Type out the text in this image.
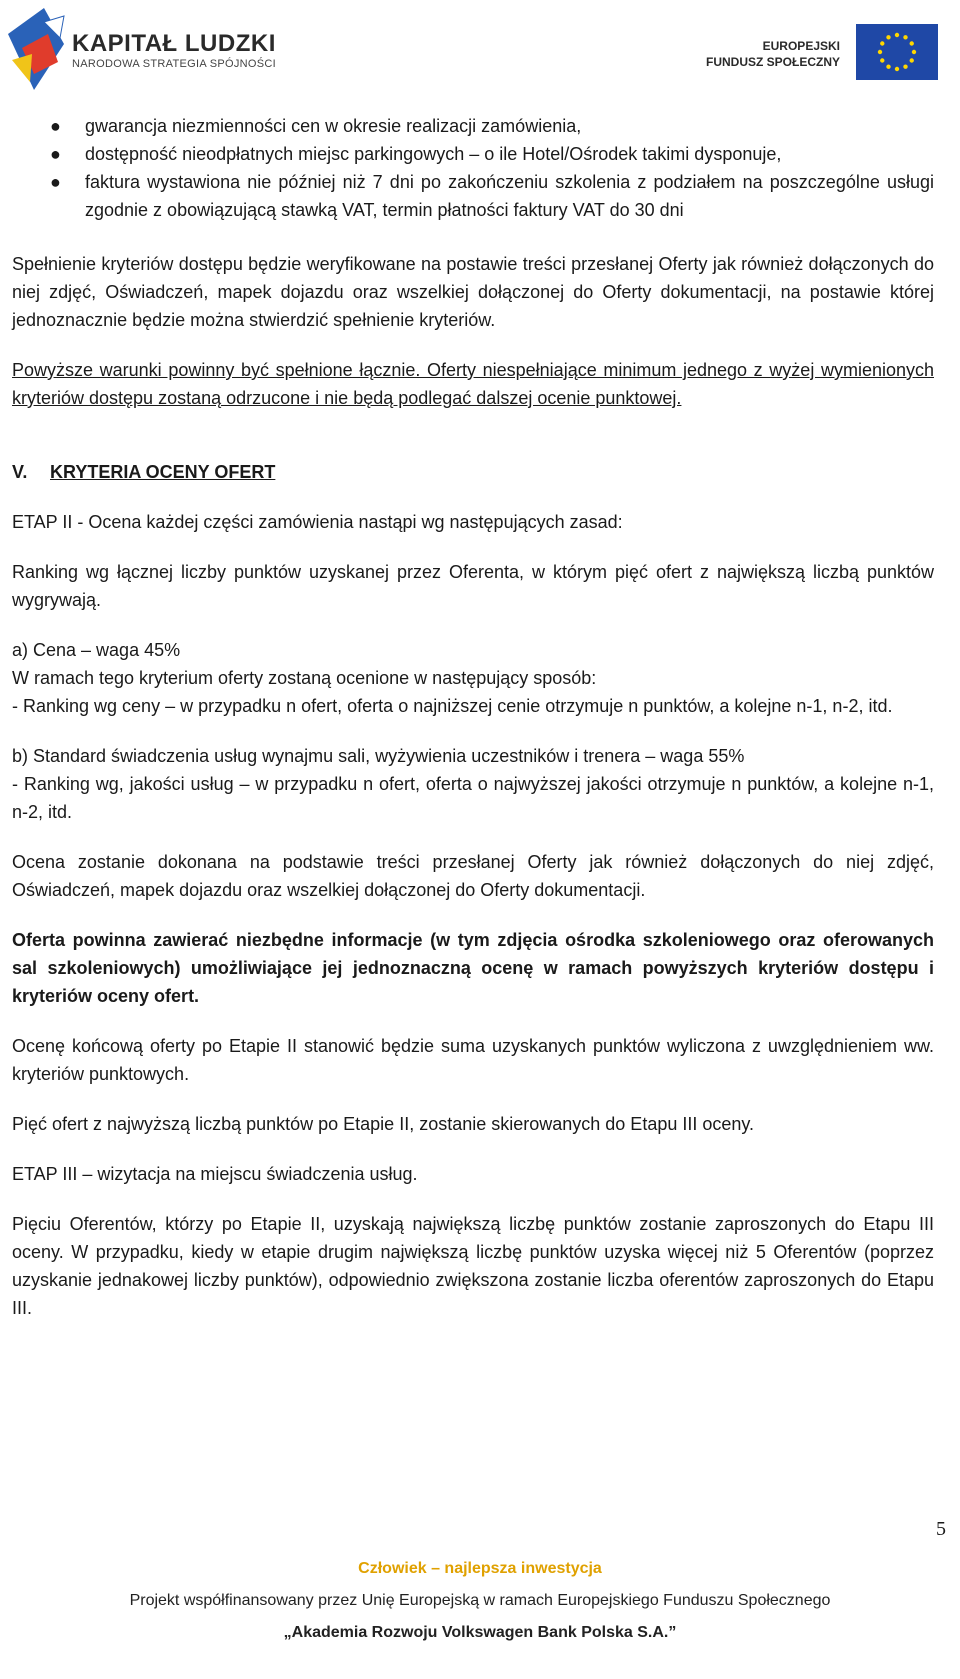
KAPITAŁ LUDZKI
NARODOWA STRATEGIA SPÓJNOŚCI
EUROPEJSKI
FUNDUSZ SPOŁECZNY
● gwarancja niezmienności cen w okresie realizacji zamówienia,
● dostępność nieodpłatnych miejsc parkingowych – o ile Hotel/Ośrodek takimi dysponuje,
● faktura wystawiona nie później niż 7 dni po zakończeniu szkolenia z podziałem na poszczególne usługi zgodnie z obowiązującą stawką VAT, termin płatności faktury VAT do 30 dni

Spełnienie kryteriów dostępu będzie weryfikowane na postawie treści przesłanej Oferty jak również dołączonych do niej zdjęć, Oświadczeń, mapek dojazdu oraz wszelkiej dołączonej do Oferty dokumentacji, na postawie której jednoznacznie będzie można stwierdzić spełnienie kryteriów.

Powyższe warunki powinny być spełnione łącznie. Oferty niespełniające minimum jednego z wyżej wymienionych kryteriów dostępu zostaną odrzucone i nie będą podlegać dalszej ocenie punktowej.

V. KRYTERIA OCENY OFERT

ETAP II - Ocena każdej części zamówienia nastąpi wg następujących zasad:

Ranking wg łącznej liczby punktów uzyskanej przez Oferenta, w którym pięć ofert z największą liczbą punktów wygrywają.

a) Cena – waga 45%

W ramach tego kryterium oferty zostaną ocenione w następujący sposób:

- Ranking wg ceny – w przypadku n ofert, oferta o najniższej cenie otrzymuje n punktów, a kolejne n-1, n-2, itd.

b) Standard świadczenia usług wynajmu sali, wyżywienia uczestników i trenera – waga 55%

- Ranking wg, jakości usług – w przypadku n ofert, oferta o najwyższej jakości otrzymuje n punktów, a kolejne n-1, n-2, itd.

Ocena zostanie dokonana na podstawie treści przesłanej Oferty jak również dołączonych do niej zdjęć, Oświadczeń, mapek dojazdu oraz wszelkiej dołączonej do Oferty dokumentacji.

Oferta powinna zawierać niezbędne informacje (w tym zdjęcia ośrodka szkoleniowego oraz oferowanych sal szkoleniowych) umożliwiające jej jednoznaczną ocenę w ramach powyższych kryteriów dostępu i kryteriów oceny ofert.

Ocenę końcową oferty po Etapie II stanowić będzie suma uzyskanych punktów wyliczona z uwzględnieniem ww. kryteriów punktowych.

Pięć ofert z najwyższą liczbą punktów po Etapie II, zostanie skierowanych do Etapu III oceny.

ETAP III – wizytacja na miejscu świadczenia usług.

Pięciu Oferentów, którzy po Etapie II, uzyskają największą liczbę punktów zostanie zaproszonych do Etapu III oceny. W przypadku, kiedy w etapie drugim największą liczbę punktów uzyska więcej niż 5 Oferentów (poprzez uzyskanie jednakowej liczby punktów), odpowiednio zwiększona zostanie liczba oferentów zaproszonych do Etapu III.

5
Człowiek – najlepsza inwestycja
Projekt współfinansowany przez Unię Europejską w ramach Europejskiego Funduszu Społecznego
„Akademia Rozwoju Volkswagen Bank Polska S.A.”
